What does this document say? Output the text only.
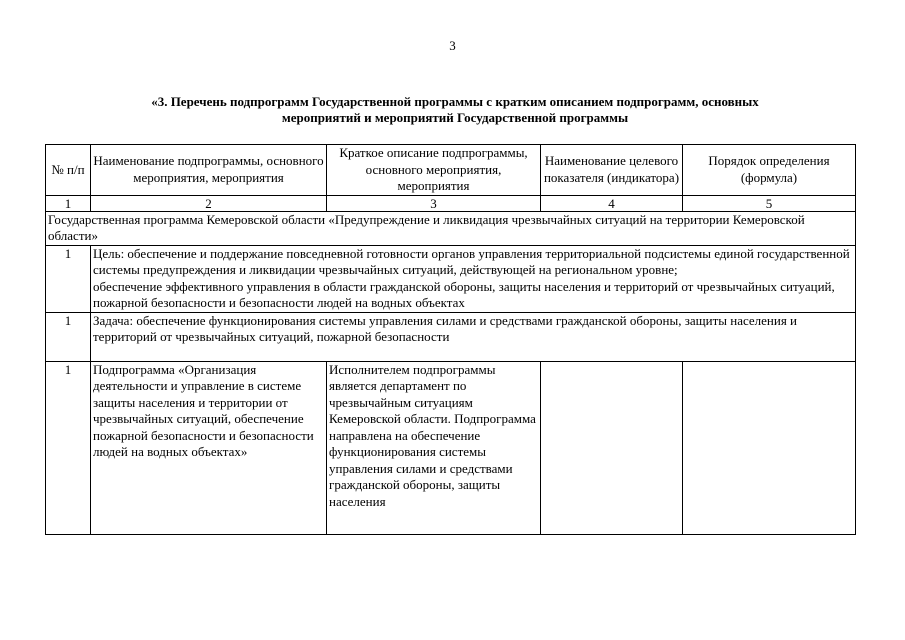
3
«3. Перечень подпрограмм Государственной программы с кратким описанием подпрограмм, основных
мероприятий и мероприятий Государственной программы
№ п/п	Наименование подпрограммы, основного мероприятия, мероприятия	Краткое описание подпрограммы, основного мероприятия, мероприятия	Наименование целевого показателя (индикатора)	Порядок определения (формула)
1	2	3	4	5
Государственная программа Кемеровской области «Предупреждение и ликвидация чрезвычайных ситуаций на территории Кемеровской области»				
1	Цель: обеспечение и поддержание повседневной готовности органов управления территориальной подсистемы единой государственной системы предупреждения и ликвидации чрезвычайных ситуаций, действующей на региональном уровне;
обеспечение эффективного управления в области гражданской обороны, защиты населения и территорий от чрезвычайных ситуаций, пожарной безопасности и безопасности людей на водных объектах			

1	Задача: обеспечение функционирования системы управления силами и средствами гражданской обороны, защиты населения и территорий от чрезвычайных ситуаций, пожарной безопасности			
1	Подпрограмма «Организация деятельности и управление в системе защиты населения и территории от чрезвычайных ситуаций, обеспечение пожарной безопасности и безопасности людей на водных объектах»	Исполнителем подпрограммы является департамент по чрезвычайным ситуациям Кемеровской области. Подпрограмма направлена на обеспечение функционирования системы управления силами и средствами гражданской обороны, защиты населения		
